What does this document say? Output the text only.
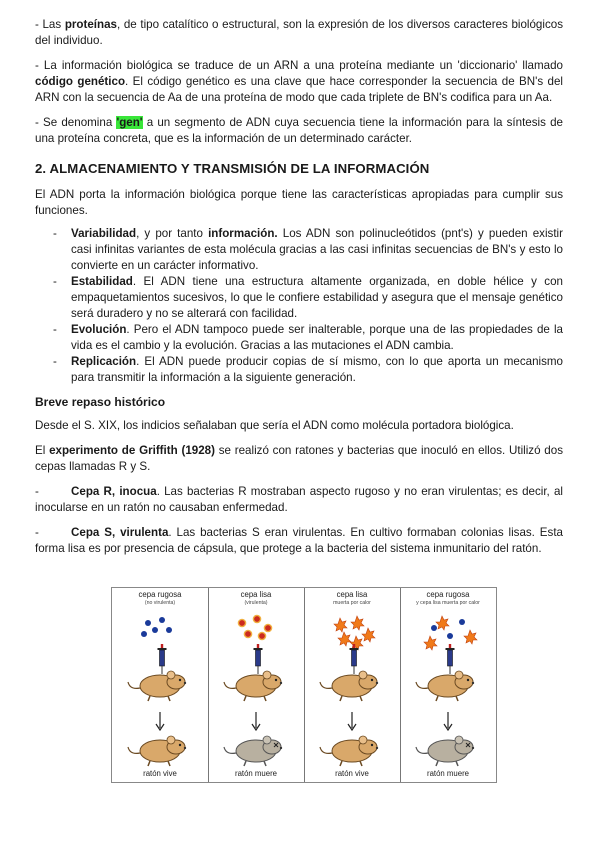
- Las proteínas, de tipo catalítico o estructural, son la expresión de los diversos caracteres biológicos del individuo.

- La información biológica se traduce de un ARN a una proteína mediante un 'diccionario' llamado código genético. El código genético es una clave que hace corresponder la secuencia de BN's del ARN con la secuencia de Aa de una proteína de modo que cada triplete de BN's codifica para un Aa.

- Se denomina 'gen' a un segmento de ADN cuya secuencia tiene la información para la síntesis de una proteína concreta, que es la información de un determinado carácter.

2. ALMACENAMIENTO Y TRANSMISIÓN DE LA INFORMACIÓN

El ADN porta la información biológica porque tiene las características apropiadas para cumplir sus funciones.

- Variabilidad, y por tanto información. Los ADN son polinucleótidos (pnt's) y pueden existir casi infinitas variantes de esta molécula gracias a las casi infinitas secuencias de BN's y esto lo convierte en un carácter informativo.
- Estabilidad. El ADN tiene una estructura altamente organizada, en doble hélice y con empaquetamientos sucesivos, lo que le confiere estabilidad y asegura que el mensaje genético será duradero y no se alterará con facilidad.
- Evolución. Pero el ADN tampoco puede ser inalterable, porque una de las propiedades de la vida es el cambio y la evolución. Gracias a las mutaciones el ADN cambia.
- Replicación. El ADN puede producir copias de sí mismo, con lo que aporta un mecanismo para transmitir la información a la siguiente generación.
Breve repaso histórico

Desde el S. XIX, los indicios señalaban que sería el ADN como molécula portadora biológica.

El experimento de Griffith (1928) se realizó con ratones y bacterias que inoculó en ellos. Utilizó dos cepas llamadas R y S.

-	Cepa R, inocua. Las bacterias R mostraban aspecto rugoso y no eran virulentas; es decir, al inocularse en un ratón no causaban enfermedad.

-	Cepa S, virulenta. Las bacterias S eran virulentas. En cultivo formaban colonias lisas. Esta forma lisa es por presencia de cápsula, que protege a la bacteria del sistema inmunitario del ratón.

cepa rugosa
(no virulenta)
ratón vive
cepa lisa
(virulenta)
ratón muere
cepa lisa
muerta por calor
ratón vive
cepa rugosa
y cepa lisa muerta por calor
ratón muere
